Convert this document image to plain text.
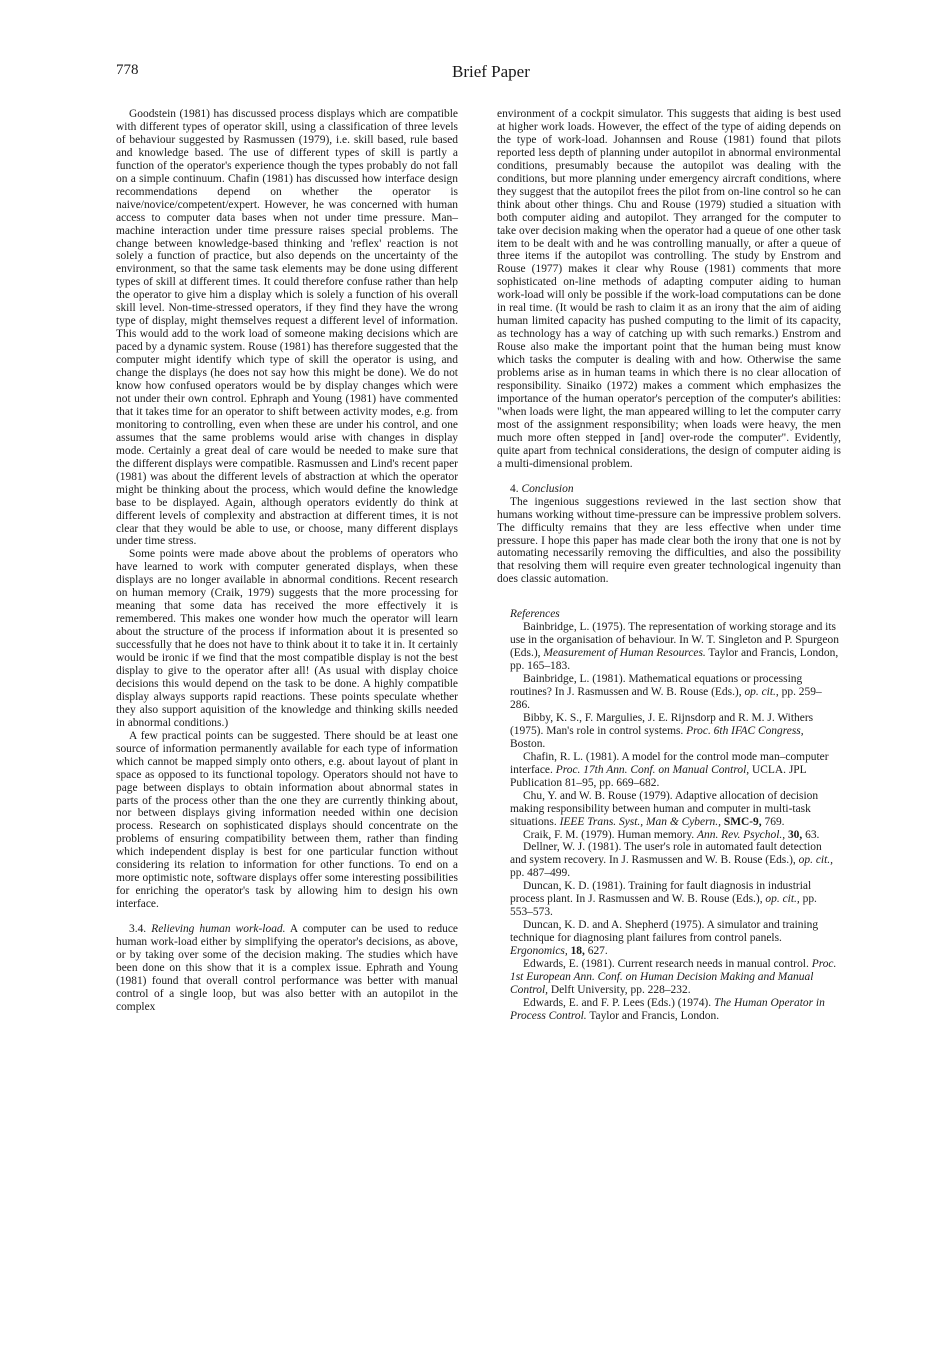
778	Brief Paper

Goodstein (1981) has discussed process displays which are compatible with different types of operator skill, using a classification of three levels of behaviour suggested by Rasmussen (1979), i.e. skill based, rule based and knowledge based. The use of different types of skill is partly a function of the operator's experience though the types probably do not fall on a simple continuum. Chafin (1981) has discussed how interface design recommendations depend on whether the operator is naive/novice/competent/expert. However, he was concerned with human access to computer data bases when not under time pressure. Man–machine interaction under time pressure raises special problems. The change between knowledge-based thinking and 'reflex' reaction is not solely a function of practice, but also depends on the uncertainty of the environment, so that the same task elements may be done using different types of skill at different times. It could therefore confuse rather than help the operator to give him a display which is solely a function of his overall skill level. Non-time-stressed operators, if they find they have the wrong type of display, might themselves request a different level of information. This would add to the work load of someone making decisions which are paced by a dynamic system. Rouse (1981) has therefore suggested that the computer might identify which type of skill the operator is using, and change the displays (he does not say how this might be done). We do not know how confused operators would be by display changes which were not under their own control. Ephraph and Young (1981) have commented that it takes time for an operator to shift between activity modes, e.g. from monitoring to controlling, even when these are under his control, and one assumes that the same problems would arise with changes in display mode. Certainly a great deal of care would be needed to make sure that the different displays were compatible. Rasmussen and Lind's recent paper (1981) was about the different levels of abstraction at which the operator might be thinking about the process, which would define the knowledge base to be displayed. Again, although operators evidently do think at different levels of complexity and abstraction at different times, it is not clear that they would be able to use, or choose, many different displays under time stress.

Some points were made above about the problems of operators who have learned to work with computer generated displays, when these displays are no longer available in abnormal conditions. Recent research on human memory (Craik, 1979) suggests that the more processing for meaning that some data has received the more effectively it is remembered. This makes one wonder how much the operator will learn about the structure of the process if information about it is presented so successfully that he does not have to think about it to take it in. It certainly would be ironic if we find that the most compatible display is not the best display to give to the operator after all! (As usual with display choice decisions this would depend on the task to be done. A highly compatible display always supports rapid reactions. These points speculate whether they also support aquisition of the knowledge and thinking skills needed in abnormal conditions.)

A few practical points can be suggested. There should be at least one source of information permanently available for each type of information which cannot be mapped simply onto others, e.g. about layout of plant in space as opposed to its functional topology. Operators should not have to page between displays to obtain information about abnormal states in parts of the process other than the one they are currently thinking about, nor between displays giving information needed within one decision process. Research on sophisticated displays should concentrate on the problems of ensuring compatibility between them, rather than finding which independent display is best for one particular function without considering its relation to information for other functions. To end on a more optimistic note, software displays offer some interesting possibilities for enriching the operator's task by allowing him to design his own interface.

3.4. Relieving human work-load. A computer can be used to reduce human work-load either by simplifying the operator's decisions, as above, or by taking over some of the decision making. The studies which have been done on this show that it is a complex issue. Ephrath and Young (1981) found that overall control performance was better with manual control of a single loop, but was also better with an autopilot in the complex

environment of a cockpit simulator. This suggests that aiding is best used at higher work loads. However, the effect of the type of aiding depends on the type of work-load. Johannsen and Rouse (1981) found that pilots reported less depth of planning under autopilot in abnormal environmental conditions, presumably because the autopilot was dealing with the conditions, but more planning under emergency aircraft conditions, where they suggest that the autopilot frees the pilot from on-line control so he can think about other things. Chu and Rouse (1979) studied a situation with both computer aiding and autopilot. They arranged for the computer to take over decision making when the operator had a queue of one other task item to be dealt with and he was controlling manually, or after a queue of three items if the autopilot was controlling. The study by Enstrom and Rouse (1977) makes it clear why Rouse (1981) comments that more sophisticated on-line methods of adapting computer aiding to human work-load will only be possible if the work-load computations can be done in real time. (It would be rash to claim it as an irony that the aim of aiding human limited capacity has pushed computing to the limit of its capacity, as technology has a way of catching up with such remarks.) Enstrom and Rouse also make the important point that the human being must know which tasks the computer is dealing with and how. Otherwise the same problems arise as in human teams in which there is no clear allocation of responsibility. Sinaiko (1972) makes a comment which emphasizes the importance of the human operator's perception of the computer's abilities: "when loads were light, the man appeared willing to let the computer carry most of the assignment responsibility; when loads were heavy, the men much more often stepped in [and] over-rode the computer". Evidently, quite apart from technical considerations, the design of computer aiding is a multi-dimensional problem.

4. Conclusion

The ingenious suggestions reviewed in the last section show that humans working without time-pressure can be impressive problem solvers. The difficulty remains that they are less effective when under time pressure. I hope this paper has made clear both the irony that one is not by automating necessarily removing the difficulties, and also the possibility that resolving them will require even greater technological ingenuity than does classic automation.

References

Bainbridge, L. (1975). The representation of working storage and its use in the organisation of behaviour. In W. T. Singleton and P. Spurgeon (Eds.), Measurement of Human Resources. Taylor and Francis, London, pp. 165–183.

Bainbridge, L. (1981). Mathematical equations or processing routines? In J. Rasmussen and W. B. Rouse (Eds.), op. cit., pp. 259–286.

Bibby, K. S., F. Margulies, J. E. Rijnsdorp and R. M. J. Withers (1975). Man's role in control systems. Proc. 6th IFAC Congress, Boston.

Chafin, R. L. (1981). A model for the control mode man–computer interface. Proc. 17th Ann. Conf. on Manual Control, UCLA. JPL Publication 81–95, pp. 669–682.

Chu, Y. and W. B. Rouse (1979). Adaptive allocation of decision making responsibility between human and computer in multi-task situations. IEEE Trans. Syst., Man & Cybern., SMC-9, 769.

Craik, F. M. (1979). Human memory. Ann. Rev. Psychol., 30, 63.

Dellner, W. J. (1981). The user's role in automated fault detection and system recovery. In J. Rasmussen and W. B. Rouse (Eds.), op. cit., pp. 487–499.

Duncan, K. D. (1981). Training for fault diagnosis in industrial process plant. In J. Rasmussen and W. B. Rouse (Eds.), op. cit., pp. 553–573.

Duncan, K. D. and A. Shepherd (1975). A simulator and training technique for diagnosing plant failures from control panels. Ergonomics, 18, 627.

Edwards, E. (1981). Current research needs in manual control. Proc. 1st European Ann. Conf. on Human Decision Making and Manual Control, Delft University, pp. 228–232.

Edwards, E. and F. P. Lees (Eds.) (1974). The Human Operator in Process Control. Taylor and Francis, London.
